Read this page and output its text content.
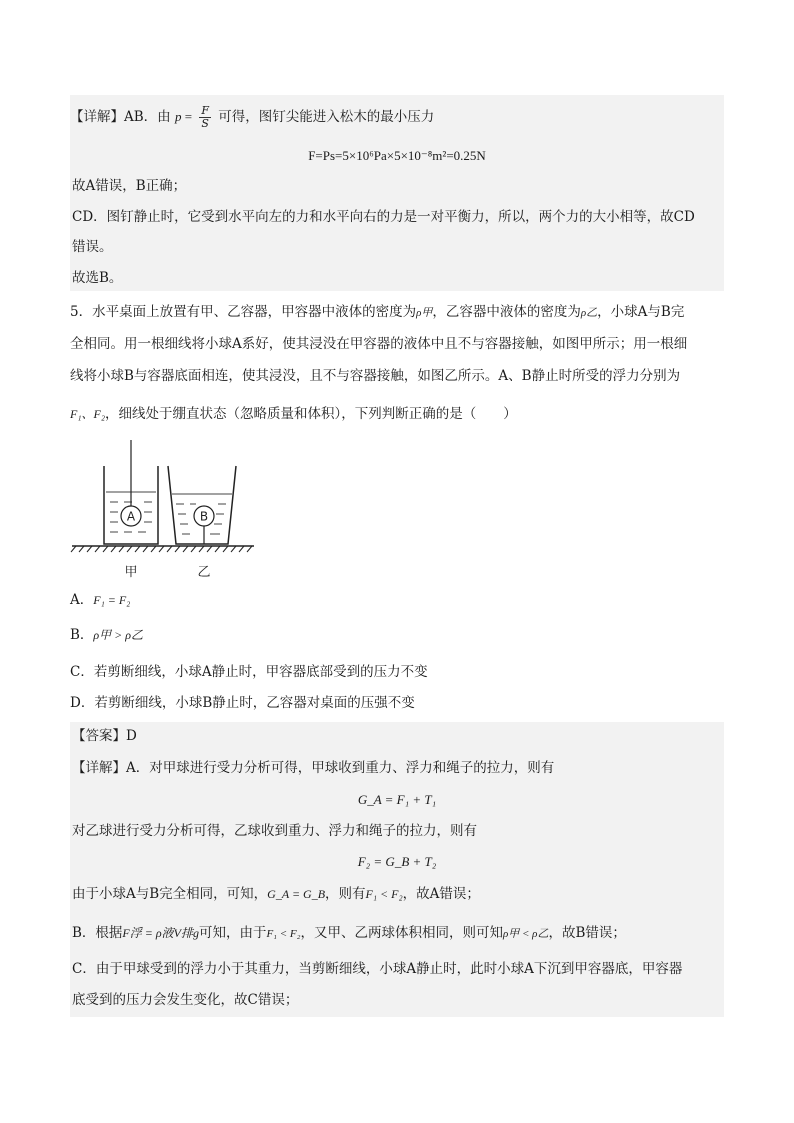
【详解】AB．由 $p = \frac{F}{S}$ 可得，图钉尖能进入松木的最小压力
F=Ps=5×10⁶Pa×5×10⁻⁸m²=0.25N
故A错误，B正确；
CD．图钉静止时，它受到水平向左的力和水平向右的力是一对平衡力，所以，两个力的大小相等，故CD
错误。
故选B。
5．水平桌面上放置有甲、乙容器，甲容器中液体的密度为ρ甲，乙容器中液体的密度为ρ乙，小球A与B完
全相同。用一根细线将小球A系好，使其浸没在甲容器的液体中且不与容器接触，如图甲所示；用一根细
线将小球B与容器底面相连，使其浸没，且不与容器接触，如图乙所示。A、B静止时所受的浮力分别为
F₁、F₂，细线处于绷直状态（忽略质量和体积），下列判断正确的是（　　）
A	B
甲	乙
A．F₁ = F₂
B．ρ甲 > ρ乙
C．若剪断细线，小球A静止时，甲容器底部受到的压力不变
D．若剪断细线，小球B静止时，乙容器对桌面的压强不变
【答案】D
【详解】A．对甲球进行受力分析可得，甲球收到重力、浮力和绳子的拉力，则有
G_A = F₁ + T₁
对乙球进行受力分析可得，乙球收到重力、浮力和绳子的拉力，则有
F₂ = G_B + T₂
由于小球A与B完全相同，可知，G_A = G_B，则有F₁ < F₂，故A错误；
B．根据F浮 = ρ液V排g可知，由于F₁ < F₂，又甲、乙两球体积相同，则可知ρ甲 < ρ乙，故B错误；
C．由于甲球受到的浮力小于其重力，当剪断细线，小球A静止时，此时小球A下沉到甲容器底，甲容器
底受到的压力会发生变化，故C错误；
